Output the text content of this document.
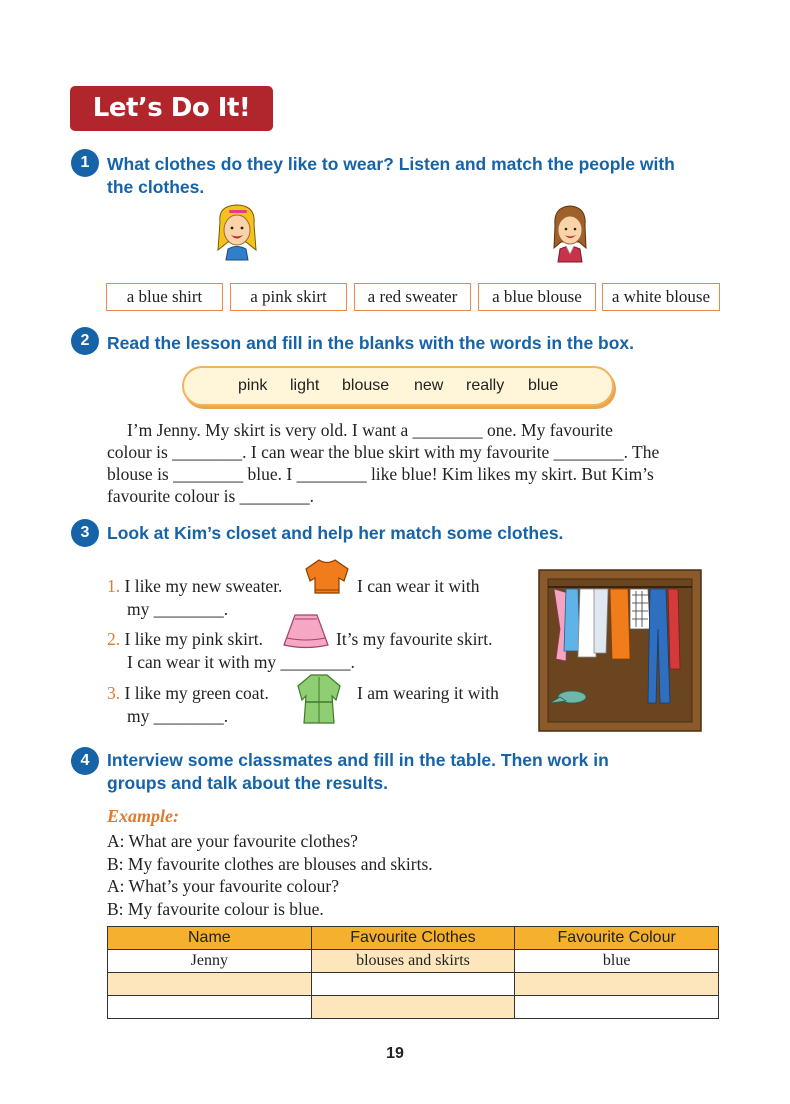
Let’s Do It!
1	What clothes do they like to wear? Listen and match the people with
the clothes.
a blue shirt	a pink skirt	a red sweater	a blue blouse	a white blouse
2	Read the lesson and fill in the blanks with the words in the box.
pink light blouse new really blue
I’m Jenny. My skirt is very old. I want a ________ one. My favourite
colour is ________. I can wear the blue skirt with my favourite ________. The
blouse is ________ blue. I ________ like blue! Kim likes my skirt. But Kim’s
favourite colour is ________.
3	Look at Kim’s closet and help her match some clothes.
1. I like my new sweater.	I can wear it with
my ________.
2. I like my pink skirt.	It’s my favourite skirt.
I can wear it with my ________.
3. I like my green coat.	I am wearing it with
my ________.
4	Interview some classmates and fill in the table. Then work in
groups and talk about the results.
Example:
A: What are your favourite clothes?
B: My favourite clothes are blouses and skirts.
A: What’s your favourite colour?
B: My favourite colour is blue.
Name	Favourite Clothes	Favourite Colour
Jenny	blouses and skirts	blue

19
